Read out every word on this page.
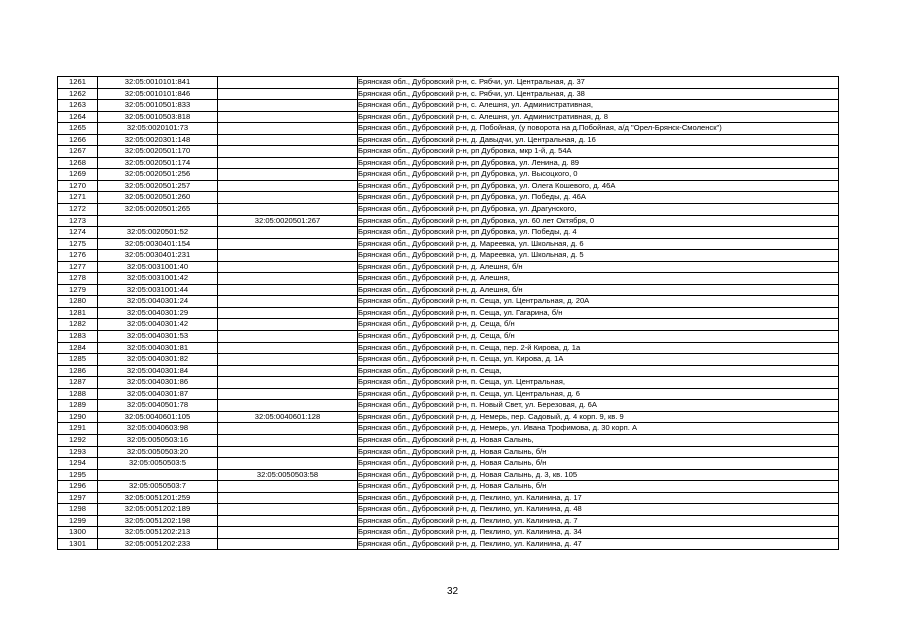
1261	32:05:0010101:841		Брянская обл., Дубровский р-н, с. Рябчи, ул. Центральная, д. 37
1262	32:05:0010101:846		Брянская обл., Дубровский р-н, с. Рябчи, ул. Центральная, д. 38
1263	32:05:0010501:833		Брянская обл., Дубровский р-н, с. Алешня, ул. Административная,
1264	32:05:0010503:818		Брянская обл., Дубровский р-н, с. Алешня, ул. Административная, д. 8
1265	32:05:0020101:73		Брянская обл., Дубровский р-н, д. Побойная, (у поворота на д.Побойная, а/д "Орел-Брянск-Смоленск")
1266	32:05:0020301:148		Брянская обл., Дубровский р-н, д. Давыдчи, ул. Центральная, д. 16
1267	32:05:0020501:170		Брянская обл., Дубровский р-н, рп Дубровка, мкр 1-й, д. 54А
1268	32:05:0020501:174		Брянская обл., Дубровский р-н, рп Дубровка, ул. Ленина, д. 89
1269	32:05:0020501:256		Брянская обл., Дубровский р-н, рп Дубровка, ул. Высоцкого, 0
1270	32:05:0020501:257		Брянская обл., Дубровский р-н, рп Дубровка, ул. Олега Кошевого, д. 46А
1271	32:05:0020501:260		Брянская обл., Дубровский р-н, рп Дубровка, ул. Победы, д. 46А
1272	32:05:0020501:265		Брянская обл., Дубровский р-н, рп Дубровка, ул. Драгунского,
1273		32:05:0020501:267	Брянская обл., Дубровский р-н, рп Дубровка, ул. 60 лет Октября, 0
1274	32:05:0020501:52		Брянская обл., Дубровский р-н, рп Дубровка, ул. Победы, д. 4
1275	32:05:0030401:154		Брянская обл., Дубровский р-н, д. Мареевка, ул. Школьная, д. 6
1276	32:05:0030401:231		Брянская обл., Дубровский р-н, д. Мареевка, ул. Школьная, д. 5
1277	32:05:0031001:40		Брянская обл., Дубровский р-н, д. Алешня, б/н
1278	32:05:0031001:42		Брянская обл., Дубровский р-н, д. Алешня,
1279	32:05:0031001:44		Брянская обл., Дубровский р-н, д. Алешня, б/н
1280	32:05:0040301:24		Брянская обл., Дубровский р-н, п. Сеща, ул. Центральная, д. 20А
1281	32:05:0040301:29		Брянская обл., Дубровский р-н, п. Сеща, ул. Гагарина, б/н
1282	32:05:0040301:42		Брянская обл., Дубровский р-н, д. Сеща, б/н
1283	32:05:0040301:53		Брянская обл., Дубровский р-н, д. Сеща, б/н
1284	32:05:0040301:81		Брянская обл., Дубровский р-н, п. Сеща, пер. 2-й Кирова, д. 1а
1285	32:05:0040301:82		Брянская обл., Дубровский р-н, п. Сеща, ул. Кирова, д. 1А
1286	32:05:0040301:84		Брянская обл., Дубровский р-н, п. Сеща,
1287	32:05:0040301:86		Брянская обл., Дубровский р-н, п. Сеща, ул. Центральная,
1288	32:05:0040301:87		Брянская обл., Дубровский р-н, п. Сеща, ул. Центральная, д. 6
1289	32:05:0040501:78		Брянская обл., Дубровский р-н, п. Новый Свет, ул. Березовая, д. 6А
1290	32:05:0040601:105	32:05:0040601:128	Брянская обл., Дубровский р-н, д. Немерь, пер. Садовый, д. 4 корп. 9, кв. 9
1291	32:05:0040603:98		Брянская обл., Дубровский р-н, д. Немерь, ул. Ивана Трофимова, д. 30 корп. А
1292	32:05:0050503:16		Брянская обл., Дубровский р-н, д. Новая Салынь,
1293	32:05:0050503:20		Брянская обл., Дубровский р-н, д. Новая Салынь, б/н
1294	32:05:0050503:5		Брянская обл., Дубровский р-н, д. Новая Салынь, б/н
1295		32:05:0050503:58	Брянская обл., Дубровский р-н, д. Новая Салынь, д. 3, кв. 105
1296	32:05:0050503:7		Брянская обл., Дубровский р-н, д. Новая Салынь, б/н
1297	32:05:0051201:259		Брянская обл., Дубровский р-н, д. Пеклино, ул. Калинина, д. 17
1298	32:05:0051202:189		Брянская обл., Дубровский р-н, д. Пеклино, ул. Калинина, д. 48
1299	32:05:0051202:198		Брянская обл., Дубровский р-н, д. Пеклино, ул. Калинина, д. 7
1300	32:05:0051202:213		Брянская обл., Дубровский р-н, д. Пеклино, ул. Калинина, д. 34
1301	32:05:0051202:233		Брянская обл., Дубровский р-н, д. Пеклино, ул. Калинина, д. 47
32
